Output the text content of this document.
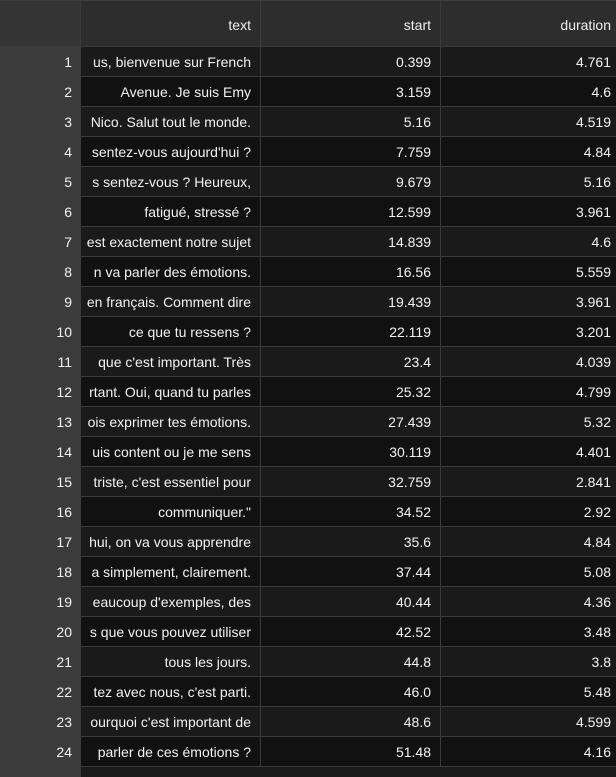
text	start	duration
1	us, bienvenue sur French	0.399	4.761
2	Avenue. Je suis Emy	3.159	4.6
3	Nico. Salut tout le monde.	5.16	4.519
4	sentez-vous aujourd'hui ?	7.759	4.84
5	s sentez-vous ? Heureux,	9.679	5.16
6	fatigué, stressé ?	12.599	3.961
7	est exactement notre sujet	14.839	4.6
8	n va parler des émotions.	16.56	5.559
9	en français. Comment dire	19.439	3.961
10	ce que tu ressens ?	22.119	3.201
11	que c'est important. Très	23.4	4.039
12	rtant. Oui, quand tu parles	25.32	4.799
13	ois exprimer tes émotions.	27.439	5.32
14	uis content ou je me sens	30.119	4.401
15	triste, c'est essentiel pour	32.759	2.841
16	communiquer."	34.52	2.92
17	hui, on va vous apprendre	35.6	4.84
18	a simplement, clairement.	37.44	5.08
19	eaucoup d'exemples, des	40.44	4.36
20	s que vous pouvez utiliser	42.52	3.48
21	tous les jours.	44.8	3.8
22	tez avec nous, c'est parti.	46.0	5.48
23	ourquoi c'est important de	48.6	4.599
24	parler de ces émotions ?	51.48	4.16
